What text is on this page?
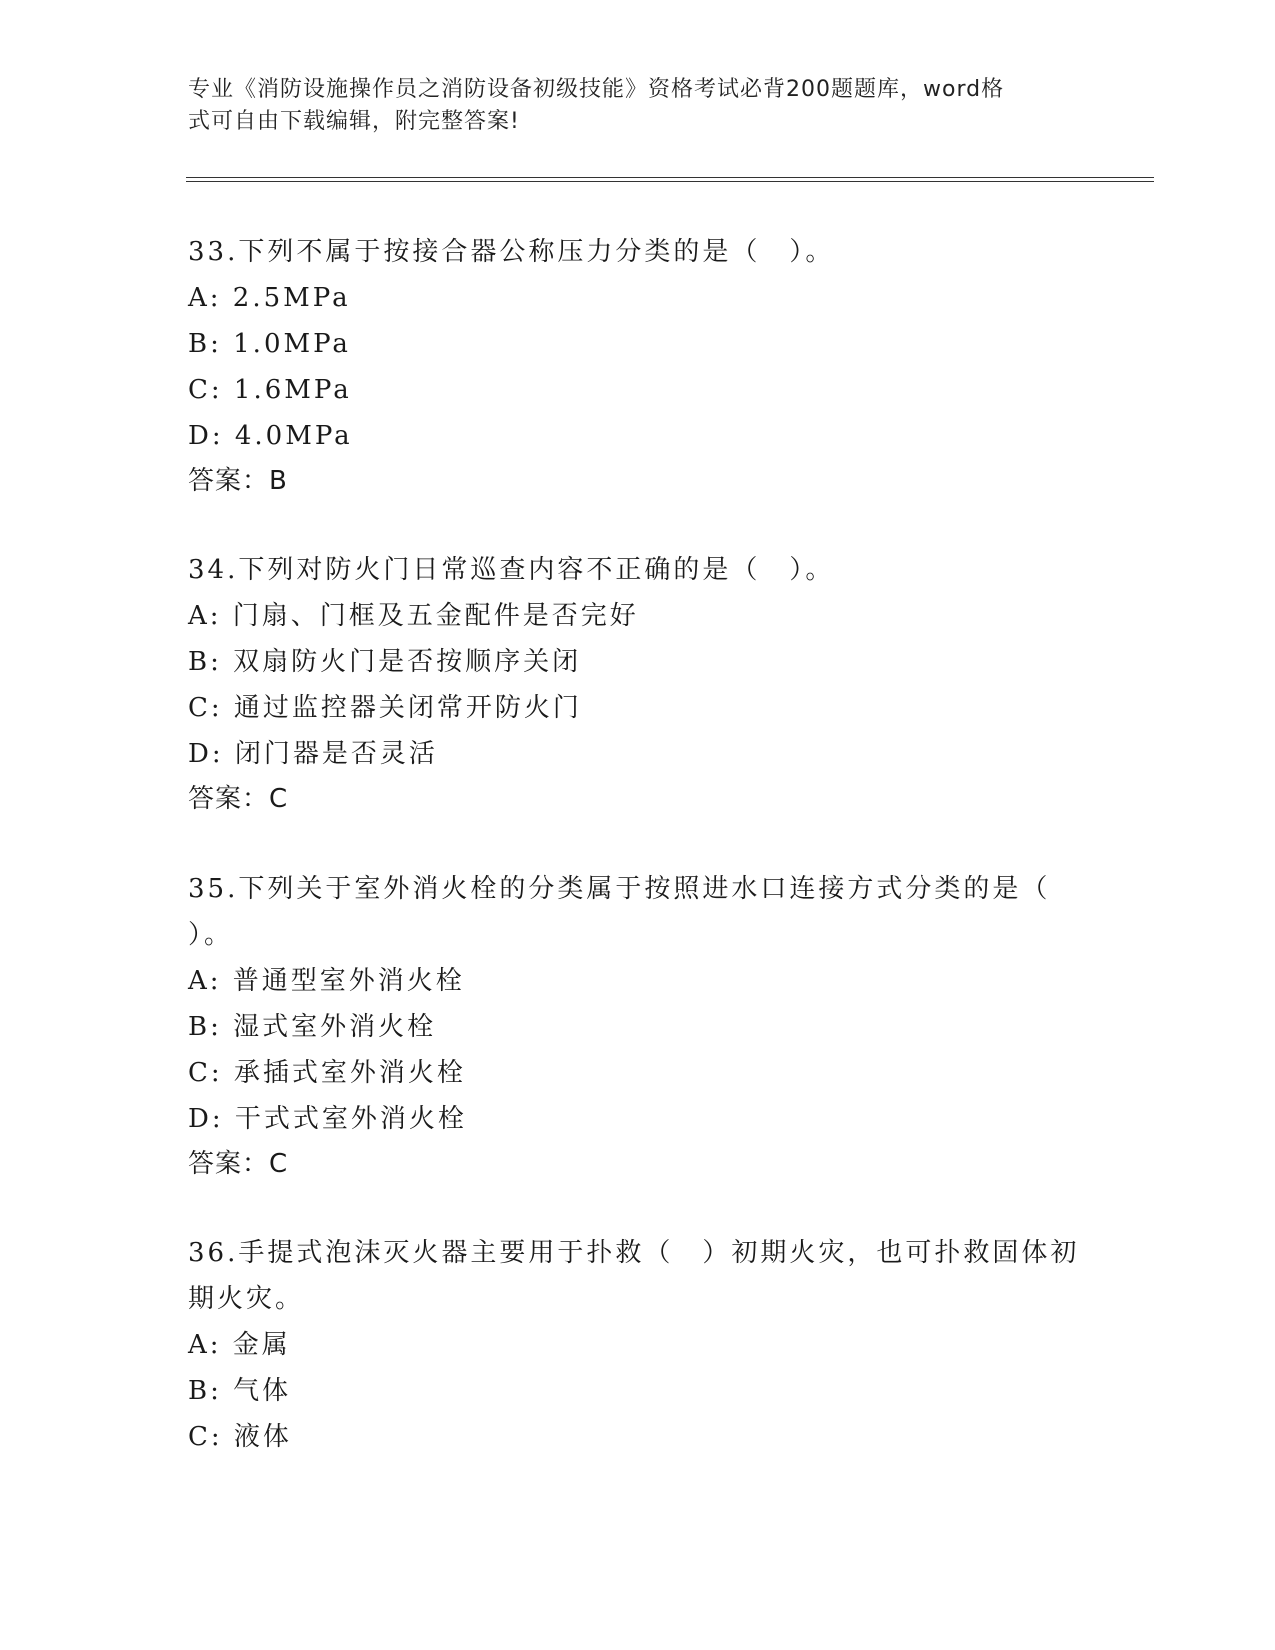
专业《消防设施操作员之消防设备初级技能》资格考试必背200题题库，word格
式可自由下载编辑，附完整答案!

33.下列不属于按接合器公称压力分类的是（　）。

A: 2.5MPa

B: 1.0MPa

C: 1.6MPa

D: 4.0MPa

答案：B

34.下列对防火门日常巡查内容不正确的是（　）。

A: 门扇、门框及五金配件是否完好

B: 双扇防火门是否按顺序关闭

C: 通过监控器关闭常开防火门

D: 闭门器是否灵活

答案：C

35.下列关于室外消火栓的分类属于按照进水口连接方式分类的是（

）。

A: 普通型室外消火栓

B: 湿式室外消火栓

C: 承插式室外消火栓

D: 干式式室外消火栓

答案：C

36.手提式泡沫灭火器主要用于扑救（　）初期火灾，也可扑救固体初

期火灾。

A: 金属

B: 气体

C: 液体
